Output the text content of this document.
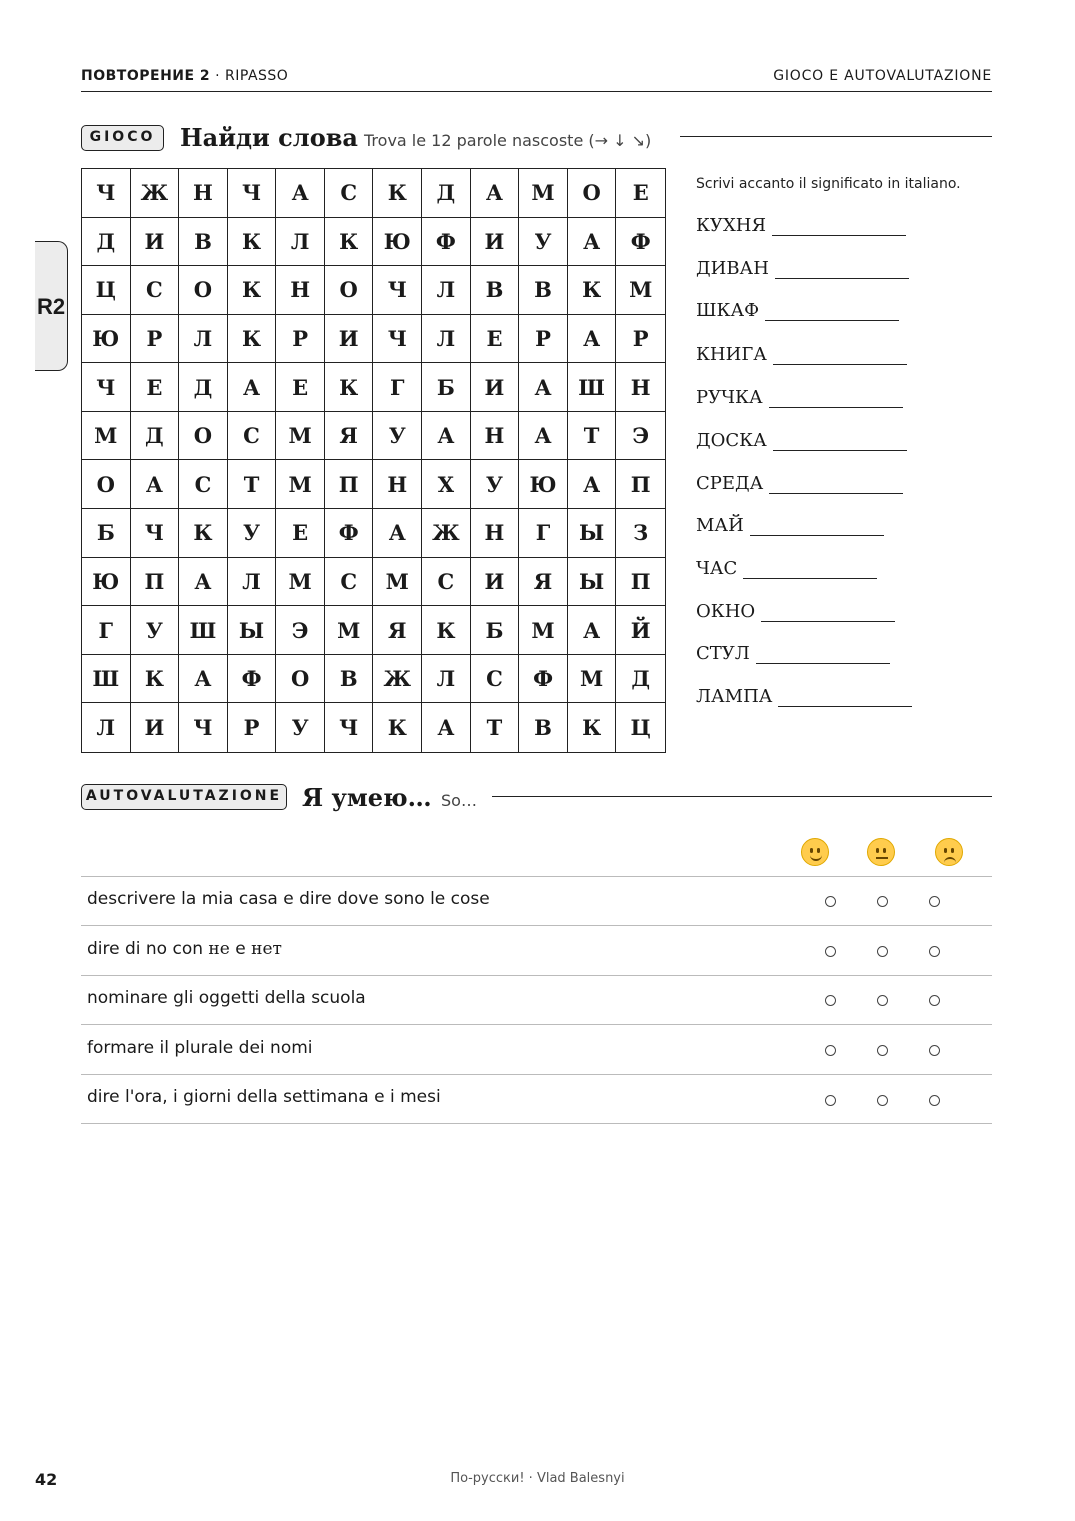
ПОВТОРЕНИЕ 2 · RIPASSO	GIOCO E AUTOVALUTAZIONE
R2
GIOCO	Найди слова Trova le 12 parole nascoste (→ ↓ ↘)
Ч	Ж	Н	Ч	А	С	К	Д	А	М	О	Е
Д	И	В	К	Л	К	Ю	Ф	И	У	А	Ф
Ц	С	О	К	Н	О	Ч	Л	В	В	К	М
Ю	Р	Л	К	Р	И	Ч	Л	Е	Р	А	Р
Ч	Е	Д	А	Е	К	Г	Б	И	А	Ш	Н
М	Д	О	С	М	Я	У	А	Н	А	Т	Э
О	А	С	Т	М	П	Н	Х	У	Ю	А	П
Б	Ч	К	У	Е	Ф	А	Ж	Н	Г	Ы	З
Ю	П	А	Л	М	С	М	С	И	Я	Ы	П
Г	У	Ш	Ы	Э	М	Я	К	Б	М	А	Й
Ш	К	А	Ф	О	В	Ж	Л	С	Ф	М	Д
Л	И	Ч	Р	У	Ч	К	А	Т	В	К	Ц
Scrivi accanto il significato in italiano.
КУХНЯ
ДИВАН
ШКАФ
КНИГА
РУЧКА
ДОСКА
СРЕДА
МАЙ
ЧАС
ОКНО
СТУЛ
ЛАМПА
AUTOVALUTAZIONE Я умею… So…
descrivere la mia casa e dire dove sono le cose
dire di no con не e нет
nominare gli oggetti della scuola
formare il plurale dei nomi
dire l'ora, i giorni della settimana e i mesi
42	По-русски! · Vlad Balesnyi
